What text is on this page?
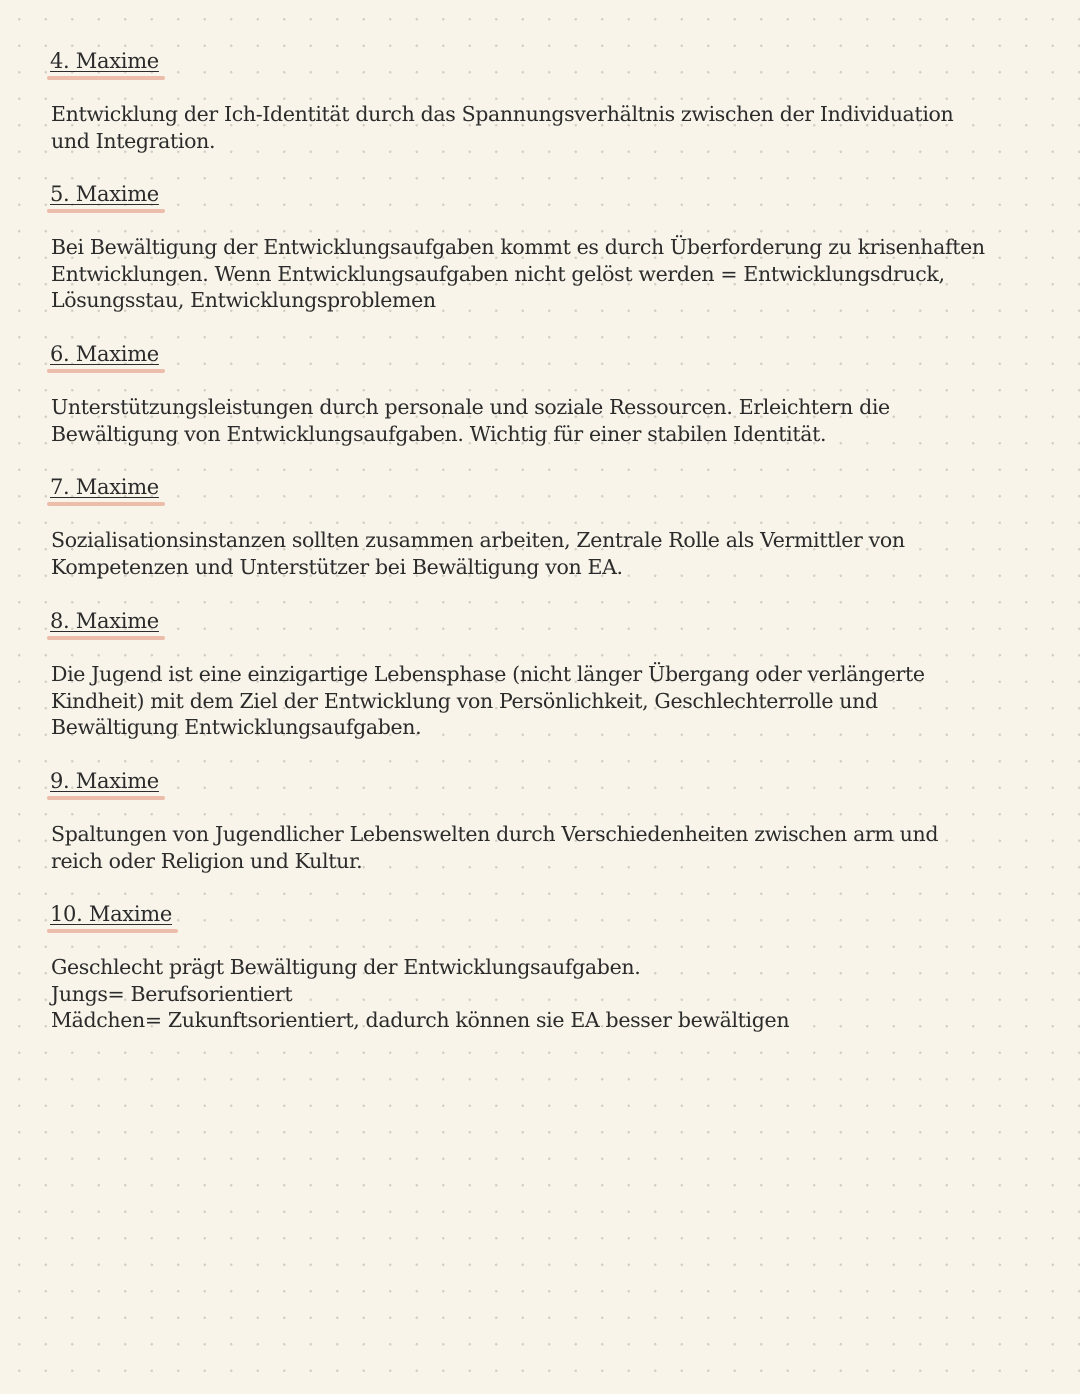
4. Maxime
Entwicklung der Ich-Identität durch das Spannungsverhältnis zwischen der Individuation
und Integration.
5. Maxime
Bei Bewältigung der Entwicklungsaufgaben kommt es durch Überforderung zu krisenhaften
Entwicklungen. Wenn Entwicklungsaufgaben nicht gelöst werden = Entwicklungsdruck,
Lösungsstau, Entwicklungsproblemen
6. Maxime
Unterstützungsleistungen durch personale und soziale Ressourcen. Erleichtern die
Bewältigung von Entwicklungsaufgaben. Wichtig für einer stabilen Identität.
7. Maxime
Sozialisationsinstanzen sollten zusammen arbeiten, Zentrale Rolle als Vermittler von
Kompetenzen und Unterstützer bei Bewältigung von EA.
8. Maxime
Die Jugend ist eine einzigartige Lebensphase (nicht länger Übergang oder verlängerte
Kindheit) mit dem Ziel der Entwicklung von Persönlichkeit, Geschlechterrolle und
Bewältigung Entwicklungsaufgaben.
9. Maxime
Spaltungen von Jugendlicher Lebenswelten durch Verschiedenheiten zwischen arm und
reich oder Religion und Kultur.
10. Maxime
Geschlecht prägt Bewältigung der Entwicklungsaufgaben.
Jungs= Berufsorientiert
Mädchen= Zukunftsorientiert, dadurch können sie EA besser bewältigen
